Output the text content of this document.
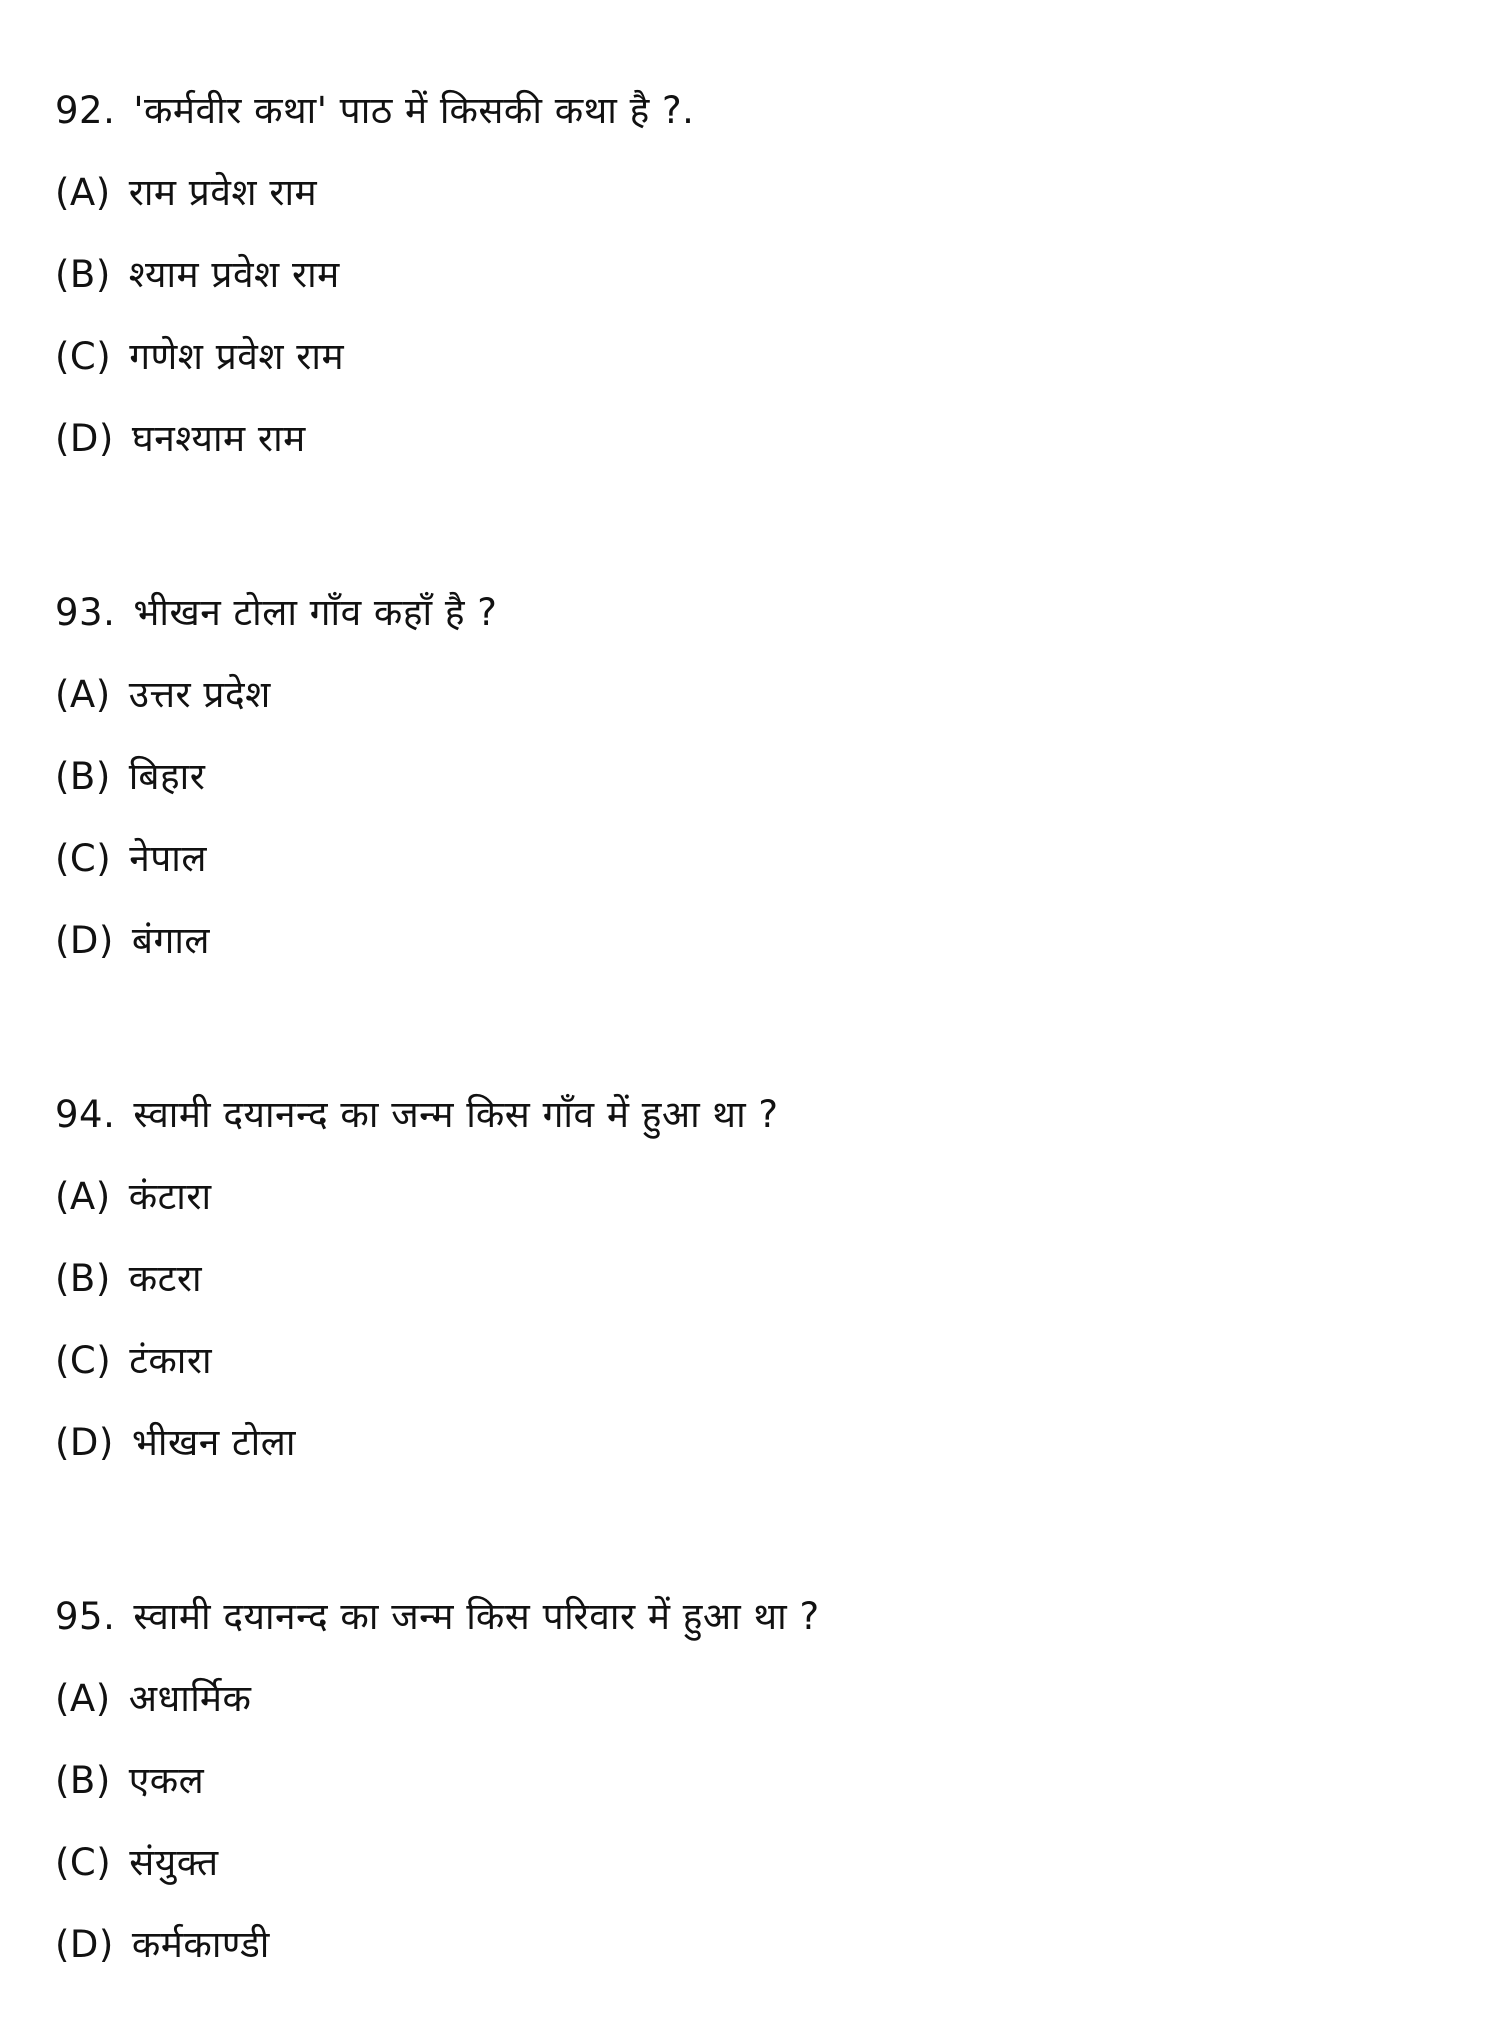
92. 'कर्मवीर कथा' पाठ में किसकी कथा है ?.
(A) राम प्रवेश राम
(B) श्याम प्रवेश राम
(C) गणेश प्रवेश राम
(D) घनश्याम राम
93. भीखन टोला गाँव कहाँ है ?
(A) उत्तर प्रदेश
(B) बिहार
(C) नेपाल
(D) बंगाल
94. स्वामी दयानन्द का जन्म किस गाँव में हुआ था ?
(A) कंटारा
(B) कटरा
(C) टंकारा
(D) भीखन टोला
95. स्वामी दयानन्द का जन्म किस परिवार में हुआ था ?
(A) अधार्मिक
(B) एकल
(C) संयुक्त
(D) कर्मकाण्डी
